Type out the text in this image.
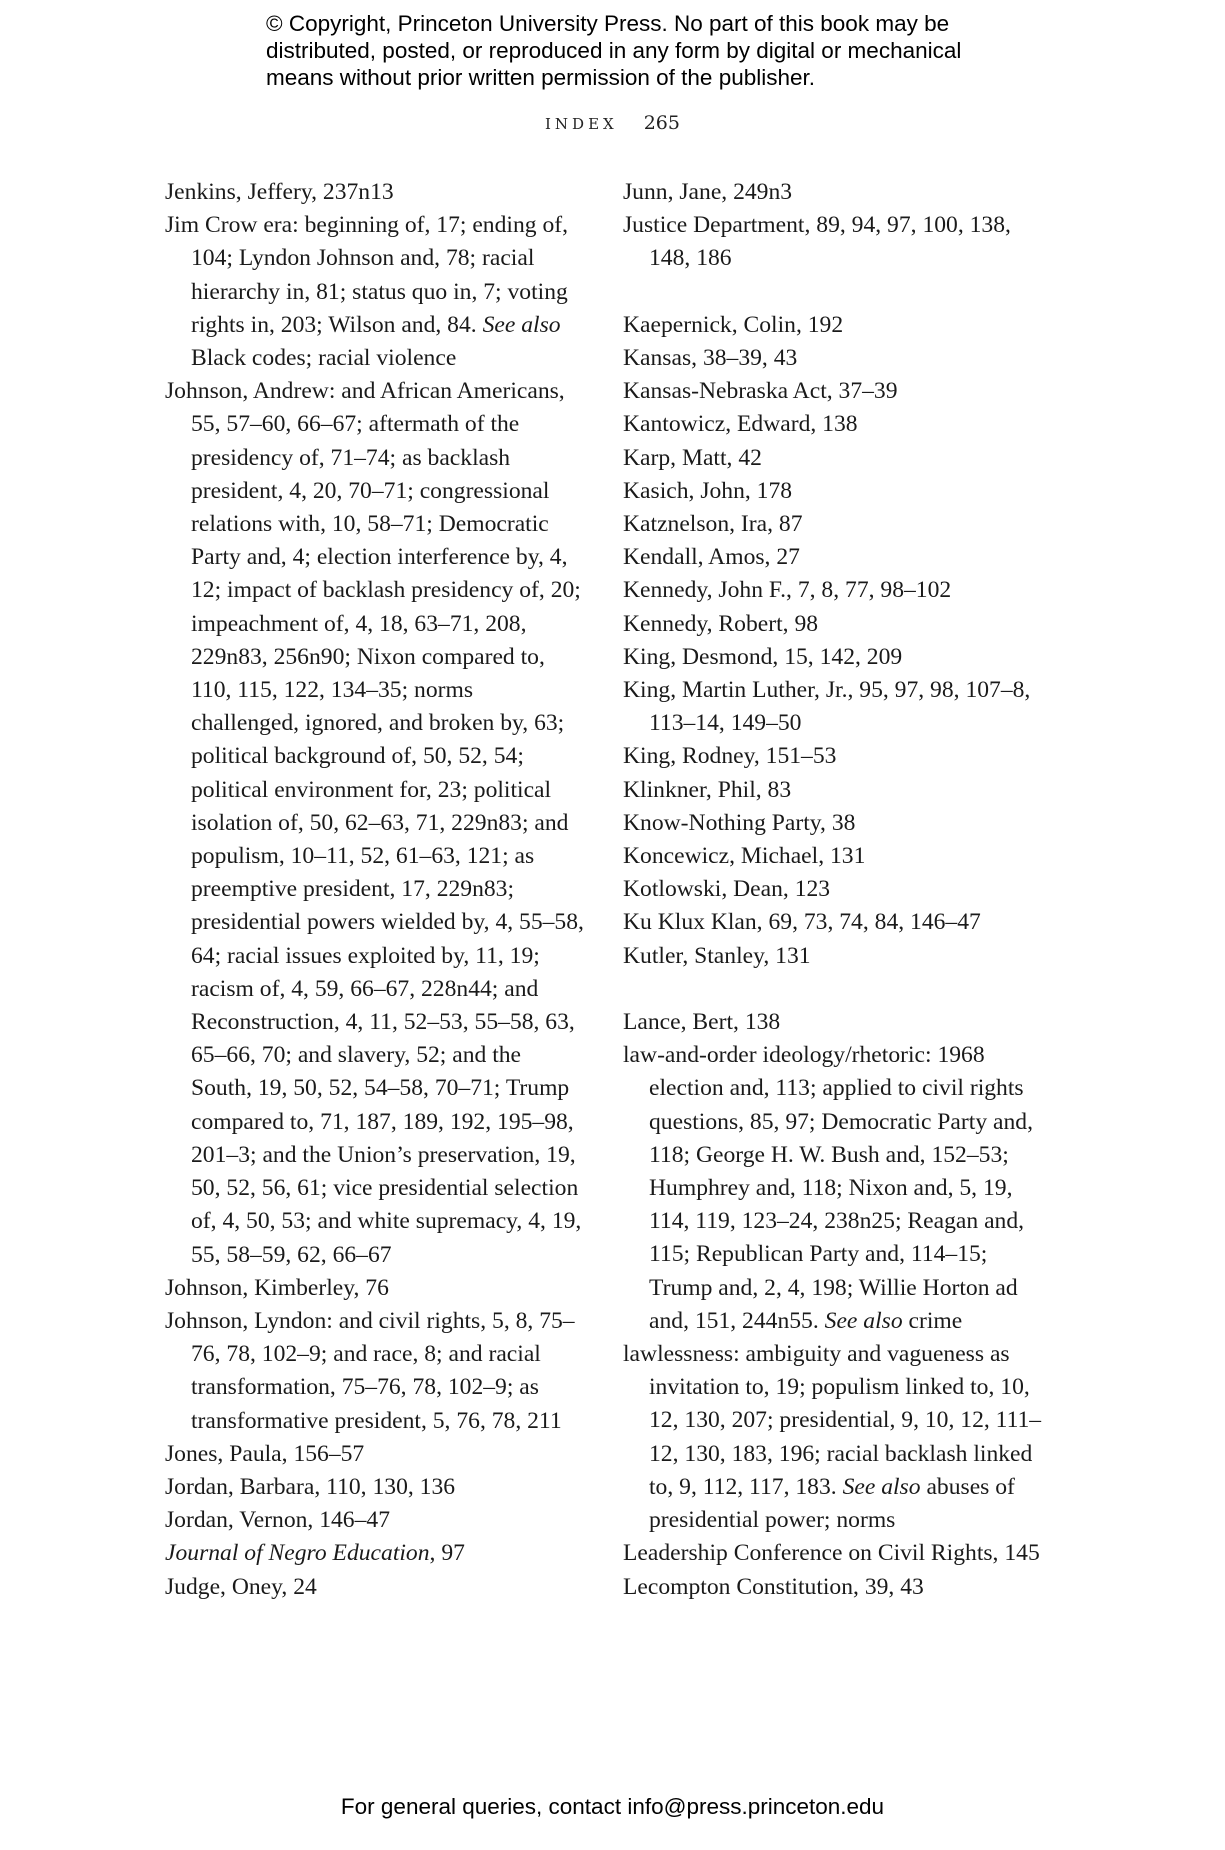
© Copyright, Princeton University Press. No part of this book may be
distributed, posted, or reproduced in any form by digital or mechanical
means without prior written permission of the publisher.
INDEX 265

Jenkins, Jeffery, 237n13

Jim Crow era: beginning of, 17; ending of, 104; Lyndon Johnson and, 78; racial hierarchy in, 81; status quo in, 7; voting rights in, 203; Wilson and, 84. See also Black codes; racial violence

Johnson, Andrew: and African Americans, 55, 57–60, 66–67; aftermath of the presidency of, 71–74; as backlash president, 4, 20, 70–71; congressional relations with, 10, 58–71; Democratic Party and, 4; election interference by, 4, 12; impact of backlash presidency of, 20; impeachment of, 4, 18, 63–71, 208, 229n83, 256n90; Nixon compared to, 110, 115, 122, 134–35; norms challenged, ignored, and broken by, 63; political background of, 50, 52, 54; political environment for, 23; political isolation of, 50, 62–63, 71, 229n83; and populism, 10–11, 52, 61–63, 121; as preemptive president, 17, 229n83; presidential powers wielded by, 4, 55–58, 64; racial issues exploited by, 11, 19; racism of, 4, 59, 66–67, 228n44; and Reconstruction, 4, 11, 52–53, 55–58, 63, 65–66, 70; and slavery, 52; and the South, 19, 50, 52, 54–58, 70–71; Trump compared to, 71, 187, 189, 192, 195–98, 201–3; and the Union’s preservation, 19, 50, 52, 56, 61; vice presidential selection of, 4, 50, 53; and white supremacy, 4, 19, 55, 58–59, 62, 66–67

Johnson, Kimberley, 76

Johnson, Lyndon: and civil rights, 5, 8, 75–76, 78, 102–9; and race, 8; and racial transformation, 75–76, 78, 102–9; as transformative president, 5, 76, 78, 211

Jones, Paula, 156–57

Jordan, Barbara, 110, 130, 136

Jordan, Vernon, 146–47

Journal of Negro Education, 97

Judge, Oney, 24

Junn, Jane, 249n3

Justice Department, 89, 94, 97, 100, 138, 148, 186

Kaepernick, Colin, 192

Kansas, 38–39, 43

Kansas-Nebraska Act, 37–39

Kantowicz, Edward, 138

Karp, Matt, 42

Kasich, John, 178

Katznelson, Ira, 87

Kendall, Amos, 27

Kennedy, John F., 7, 8, 77, 98–102

Kennedy, Robert, 98

King, Desmond, 15, 142, 209

King, Martin Luther, Jr., 95, 97, 98, 107–8, 113–14, 149–50

King, Rodney, 151–53

Klinkner, Phil, 83

Know-Nothing Party, 38

Koncewicz, Michael, 131

Kotlowski, Dean, 123

Ku Klux Klan, 69, 73, 74, 84, 146–47

Kutler, Stanley, 131

Lance, Bert, 138

law-and-order ideology/rhetoric: 1968 election and, 113; applied to civil rights questions, 85, 97; Democratic Party and, 118; George H. W. Bush and, 152–53; Humphrey and, 118; Nixon and, 5, 19, 114, 119, 123–24, 238n25; Reagan and, 115; Republican Party and, 114–15; Trump and, 2, 4, 198; Willie Horton ad and, 151, 244n55. See also crime

lawlessness: ambiguity and vagueness as invitation to, 19; populism linked to, 10, 12, 130, 207; presidential, 9, 10, 12, 111–12, 130, 183, 196; racial backlash linked to, 9, 112, 117, 183. See also abuses of presidential power; norms

Leadership Conference on Civil Rights, 145

Lecompton Constitution, 39, 43

For general queries, contact info@press.princeton.edu
